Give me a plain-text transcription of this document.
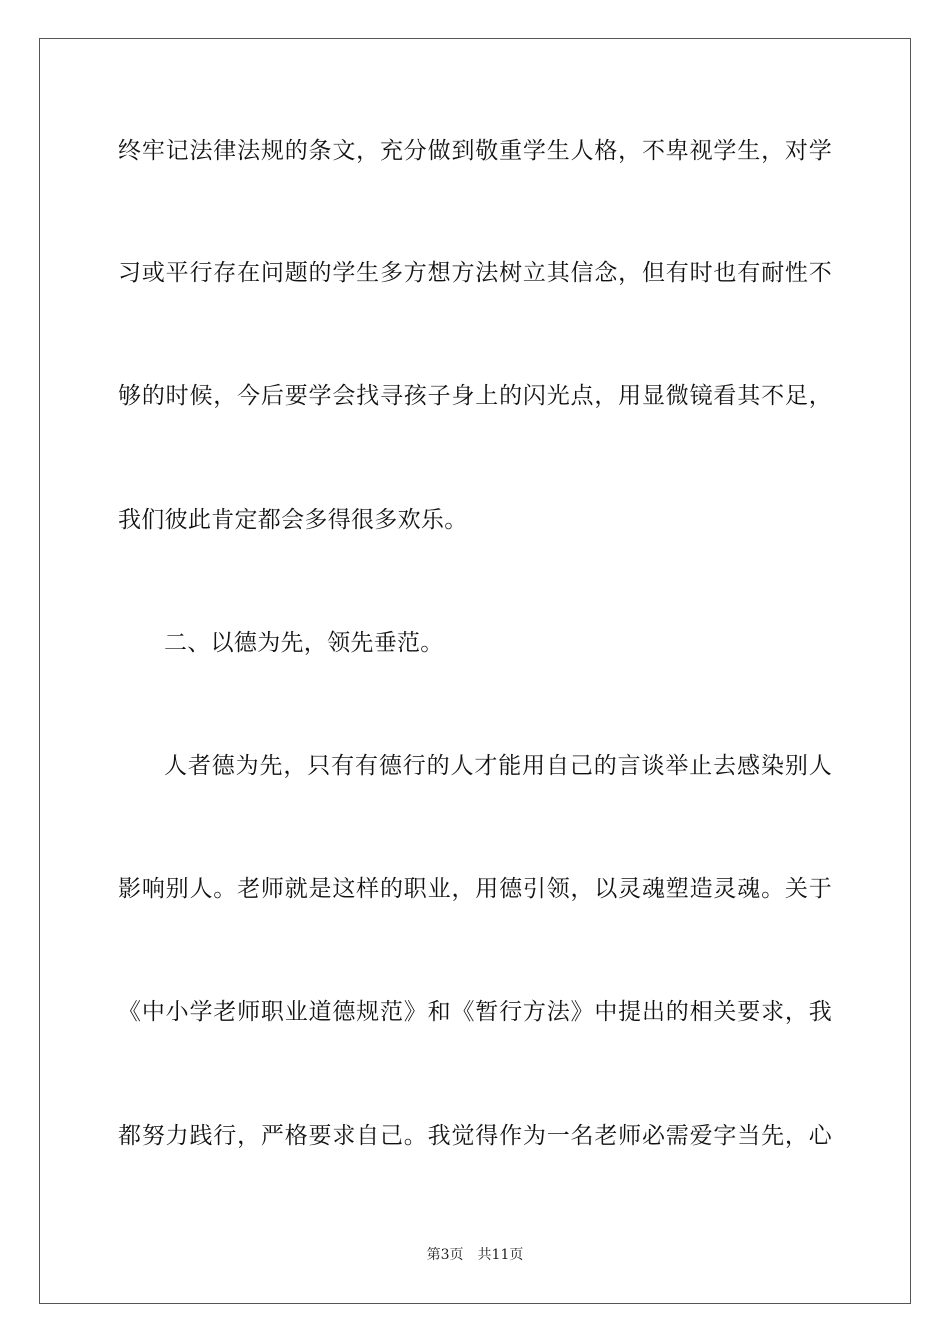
终牢记法律法规的条文，充分做到敬重学生人格，不卑视学生，对学
习或平行存在问题的学生多方想方法树立其信念，但有时也有耐性不
够的时候，今后要学会找寻孩子身上的闪光点，用显微镜看其不足，
我们彼此肯定都会多得很多欢乐。
二、以德为先，领先垂范。
人者德为先，只有有德行的人才能用自己的言谈举止去感染别人
影响别人。老师就是这样的职业，用德引领，以灵魂塑造灵魂。关于
《中小学老师职业道德规范》和《暂行方法》中提出的相关要求，我
都努力践行，严格要求自己。我觉得作为一名老师必需爱字当先，心
第3页 共11页
